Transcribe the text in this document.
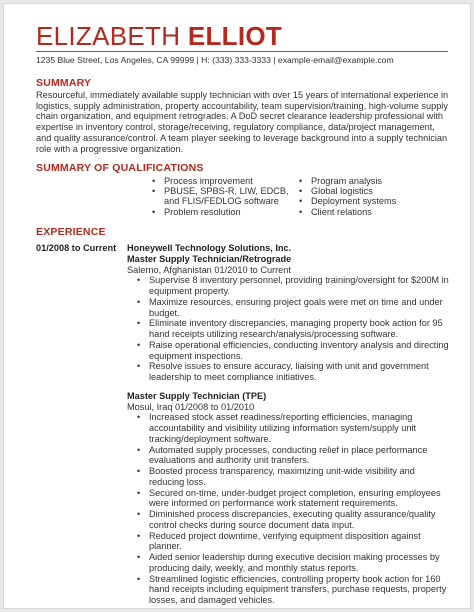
ELIZABETH ELLIOT
1235 Blue Street, Los Angeles, CA 99999 | H: (333) 333-3333 | example-email@example.com
SUMMARY
Resourceful, immediately available supply technician with over 15 years of international experience in logistics, supply administration, property accountability, team supervision/training, high-volume supply chain organization, and equipment retrogrades. A DoD secret clearance leadership professional with expertise in inventory control, storage/receiving, regulatory compliance, data/project management, and quality assurance/control. A team player seeking to leverage background into a supply technician role with a progressive organization.
SUMMARY OF QUALIFICATIONS
• Process improvement
• PBUSE, SPBS-R, LIW, EDCB, and FLIS/FEDLOG software
• Problem resolution
• Program analysis
• Global logistics
• Deployment systems
• Client relations
EXPERIENCE
01/2008 to Current Honeywell Technology Solutions, Inc.
Master Supply Technician/Retrograde
Salerno, Afghanistan 01/2010 to Current
• Supervise 8 inventory personnel, providing training/oversight for $200M in equipment property.
• Maximize resources, ensuring project goals were met on time and under budget.
• Eliminate inventory discrepancies, managing property book action for 95 hand receipts utilizing research/analysis/processing software.
• Raise operational efficiencies, conducting inventory analysis and directing equipment inspections.
• Resolve issues to ensure accuracy, liaising with unit and government leadership to meet compliance initiatives.
Master Supply Technician (TPE)
Mosul, Iraq 01/2008 to 01/2010
• Increased stock asset readiness/reporting efficiencies, managing accountability and visibility utilizing information system/supply unit tracking/deployment software.
• Automated supply processes, conducting relief in place performance evaluations and authority unit transfers.
• Boosted process transparency, maximizing unit-wide visibility and reducing loss.
• Secured on-time, under-budget project completion, ensuring employees were informed on performance work statement requirements.
• Diminished process discrepancies, executing quality assurance/quality control checks during source document data input.
• Reduced project downtime, verifying equipment disposition against planner.
• Aided senior leadership during executive decision making processes by producing daily, weekly, and monthly status reports.
• Streamlined logistic efficiencies, controlling property book action for 160 hand receipts including equipment transfers, purchase requests, property losses, and damaged vehicles.
